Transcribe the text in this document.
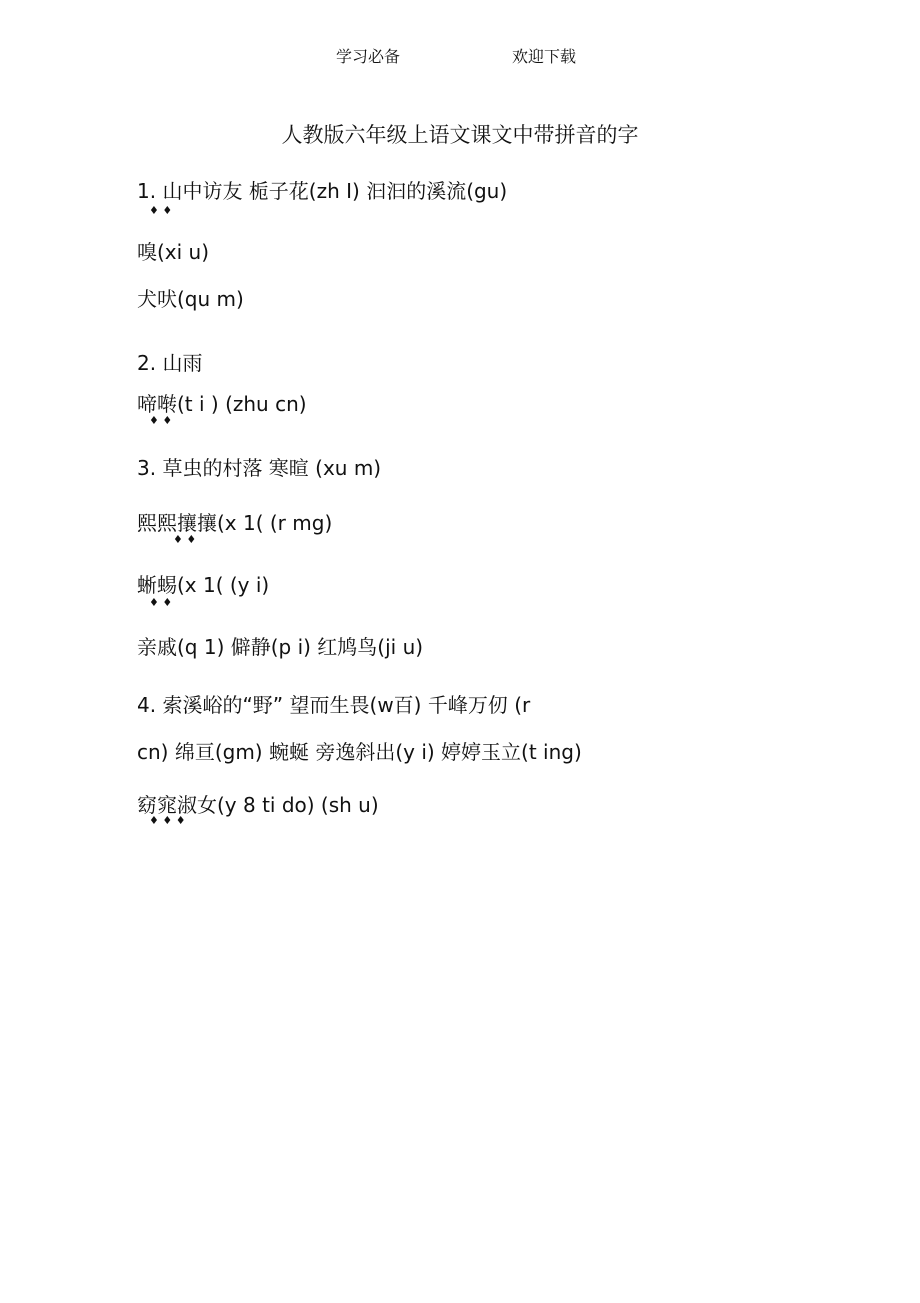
学习必备	欢迎下载
人教版六年级上语文课文中带拼音的字
1. 山中访友 栀子花(zh I) 汩汩的溪流(gu)
♦ ♦
嗅(xi u)
犬吠(qu m)
2. 山雨
啼啭(t i ) (zhu cn)
♦ ♦
3. 草虫的村落 寒暄 (xu m)
熙熙攘攘(x 1( (r mg)
♦ ♦
蜥蜴(x 1( (y i)
♦ ♦
亲戚(q 1) 僻静(p i) 红鸠鸟(ji u)
4. 索溪峪的“野” 望而生畏(w百) 千峰万仞 (r
cn) 绵亘(gm) 蜿蜒 旁逸斜出(y i) 婷婷玉立(t ing)
窈窕淑女(y 8 ti do) (sh u)
♦ ♦ ♦
